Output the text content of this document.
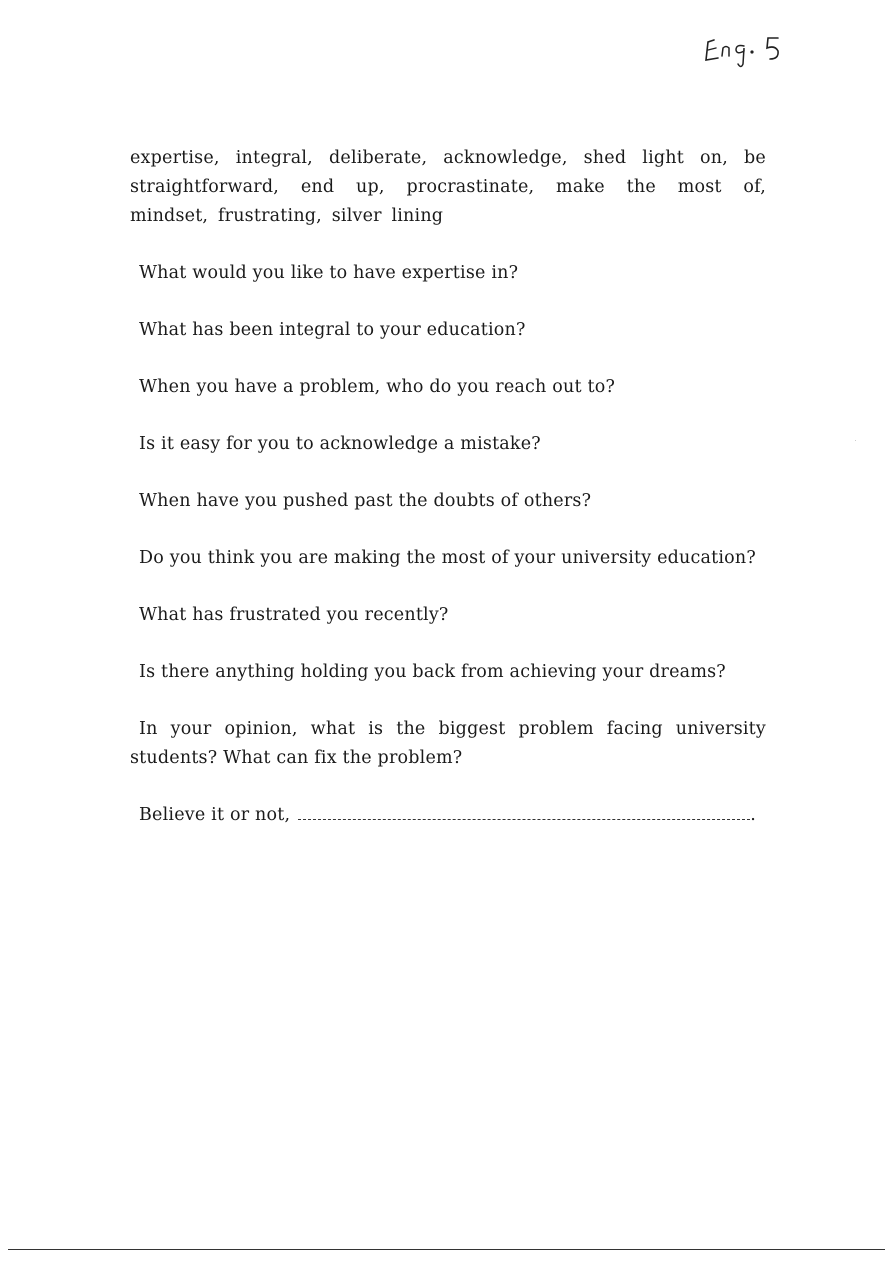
expertise, integral, deliberate, acknowledge, shed light on, be straightforward, end up, procrastinate, make the most of, mindset, frustrating, silver lining

What would you like to have expertise in?

What has been integral to your education?

When you have a problem, who do you reach out to?

Is it easy for you to acknowledge a mistake?

When have you pushed past the doubts of others?

Do you think you are making the most of your university education?

What has frustrated you recently?

Is there anything holding you back from achieving your dreams?

In your opinion, what is the biggest problem facing university students? What can fix the problem?

Believe it or not,	.
